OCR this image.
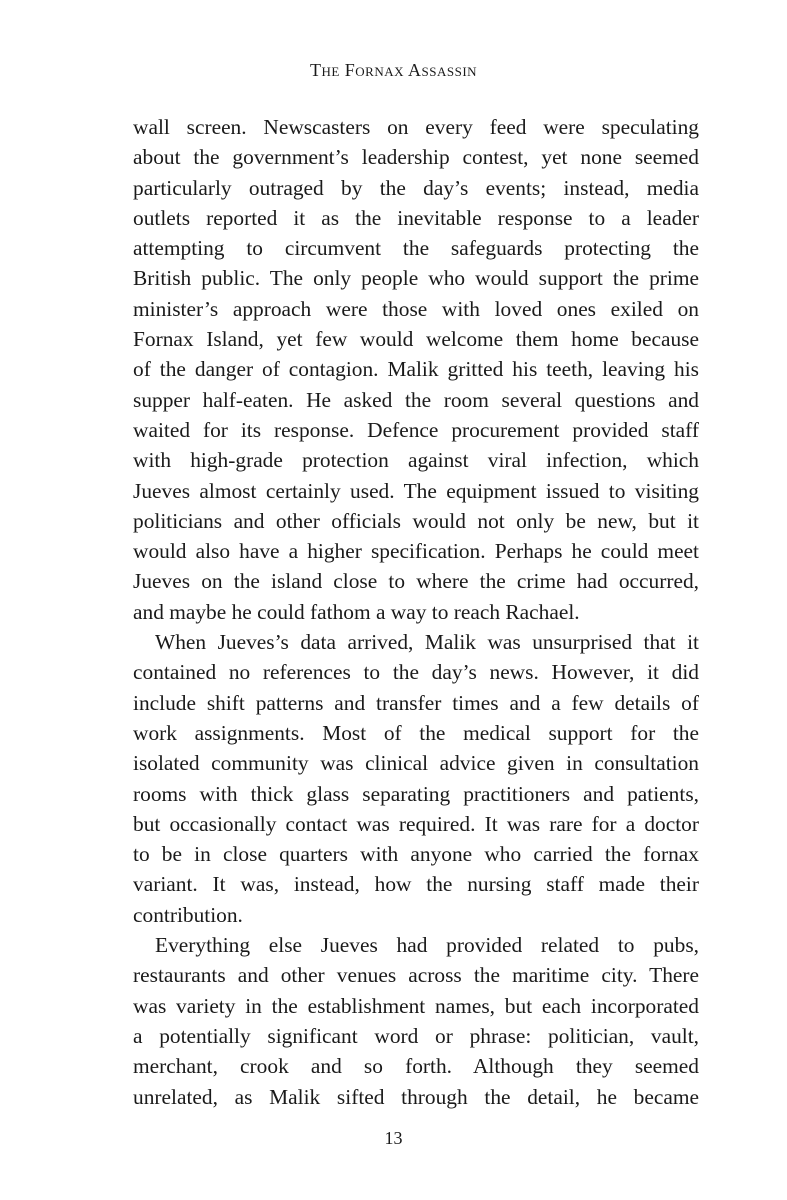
The Fornax Assassin
wall screen. Newscasters on every feed were speculating
about the government’s leadership contest, yet none seemed
particularly outraged by the day’s events; instead, media
outlets reported it as the inevitable response to a leader
attempting to circumvent the safeguards protecting the
British public. The only people who would support the prime
minister’s approach were those with loved ones exiled on
Fornax Island, yet few would welcome them home because
of the danger of contagion. Malik gritted his teeth, leaving his
supper half-eaten. He asked the room several questions and
waited for its response. Defence procurement provided staff
with high-grade protection against viral infection, which
Jueves almost certainly used. The equipment issued to visiting
politicians and other officials would not only be new, but it
would also have a higher specification. Perhaps he could meet
Jueves on the island close to where the crime had occurred,
and maybe he could fathom a way to reach Rachael.
When Jueves’s data arrived, Malik was unsurprised that it
contained no references to the day’s news. However, it did
include shift patterns and transfer times and a few details of
work assignments. Most of the medical support for the
isolated community was clinical advice given in consultation
rooms with thick glass separating practitioners and patients,
but occasionally contact was required. It was rare for a doctor
to be in close quarters with anyone who carried the fornax
variant. It was, instead, how the nursing staff made their
contribution.
Everything else Jueves had provided related to pubs,
restaurants and other venues across the maritime city. There
was variety in the establishment names, but each incorporated
a potentially significant word or phrase: politician, vault,
merchant, crook and so forth. Although they seemed
unrelated, as Malik sifted through the detail, he became
13
